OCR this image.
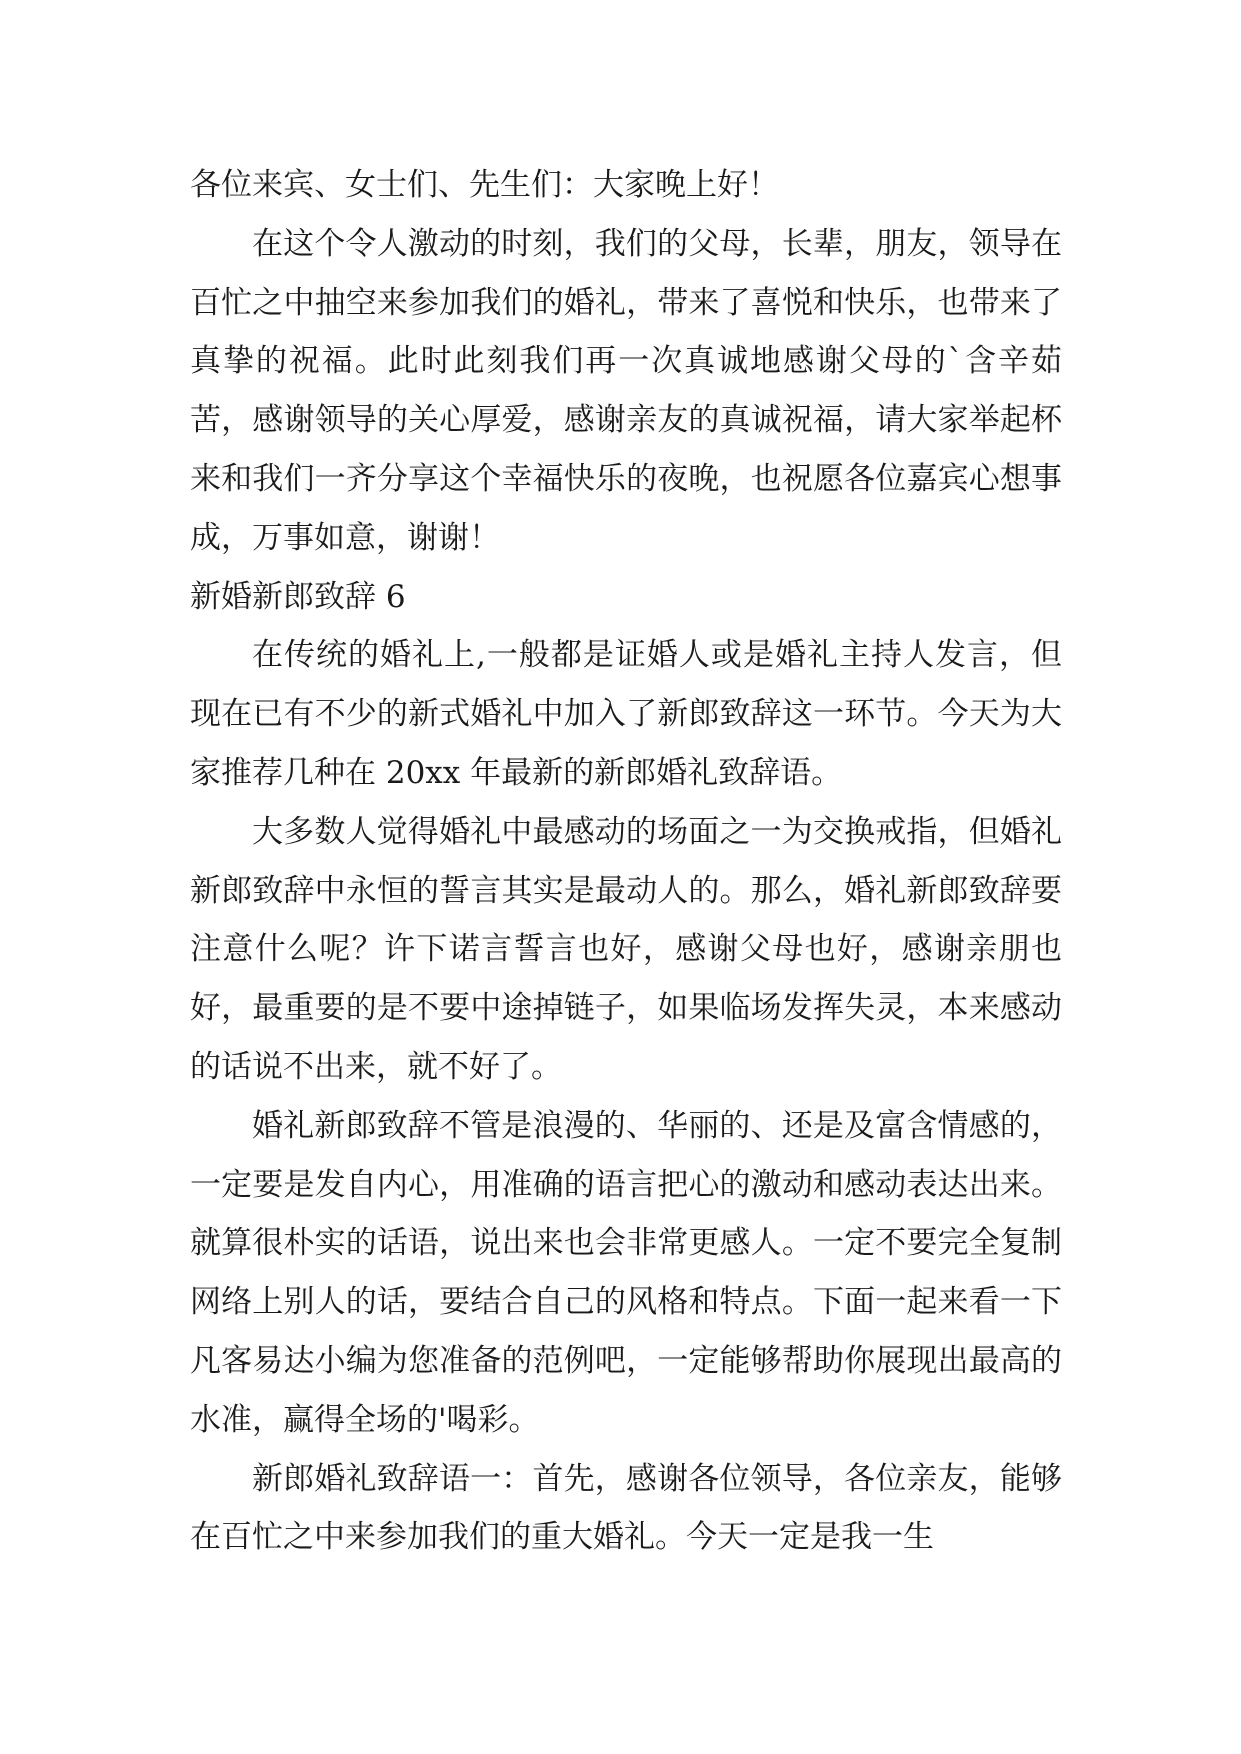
各位来宾、女士们、先生们：大家晚上好！

在这个令人激动的时刻，我们的父母，长辈，朋友，领导在百忙之中抽空来参加我们的婚礼，带来了喜悦和快乐，也带来了真挚的祝福。此时此刻我们再一次真诚地感谢父母的`含辛茹苦，感谢领导的关心厚爱，感谢亲友的真诚祝福，请大家举起杯来和我们一齐分享这个幸福快乐的夜晚，也祝愿各位嘉宾心想事成，万事如意，谢谢！

新婚新郎致辞 6

在传统的婚礼上,一般都是证婚人或是婚礼主持人发言，但现在已有不少的新式婚礼中加入了新郎致辞这一环节。今天为大家推荐几种在 20xx 年最新的新郎婚礼致辞语。

大多数人觉得婚礼中最感动的场面之一为交换戒指，但婚礼新郎致辞中永恒的誓言其实是最动人的。那么，婚礼新郎致辞要注意什么呢？许下诺言誓言也好，感谢父母也好，感谢亲朋也好，最重要的是不要中途掉链子，如果临场发挥失灵，本来感动的话说不出来，就不好了。

婚礼新郎致辞不管是浪漫的、华丽的、还是及富含情感的，一定要是发自内心，用准确的语言把心的激动和感动表达出来。就算很朴实的话语，说出来也会非常更感人。一定不要完全复制网络上别人的话，要结合自己的风格和特点。下面一起来看一下凡客易达小编为您准备的范例吧，一定能够帮助你展现出最高的水准，赢得全场的'喝彩。

新郎婚礼致辞语一：首先，感谢各位领导，各位亲友，能够在百忙之中来参加我们的重大婚礼。今天一定是我一生
